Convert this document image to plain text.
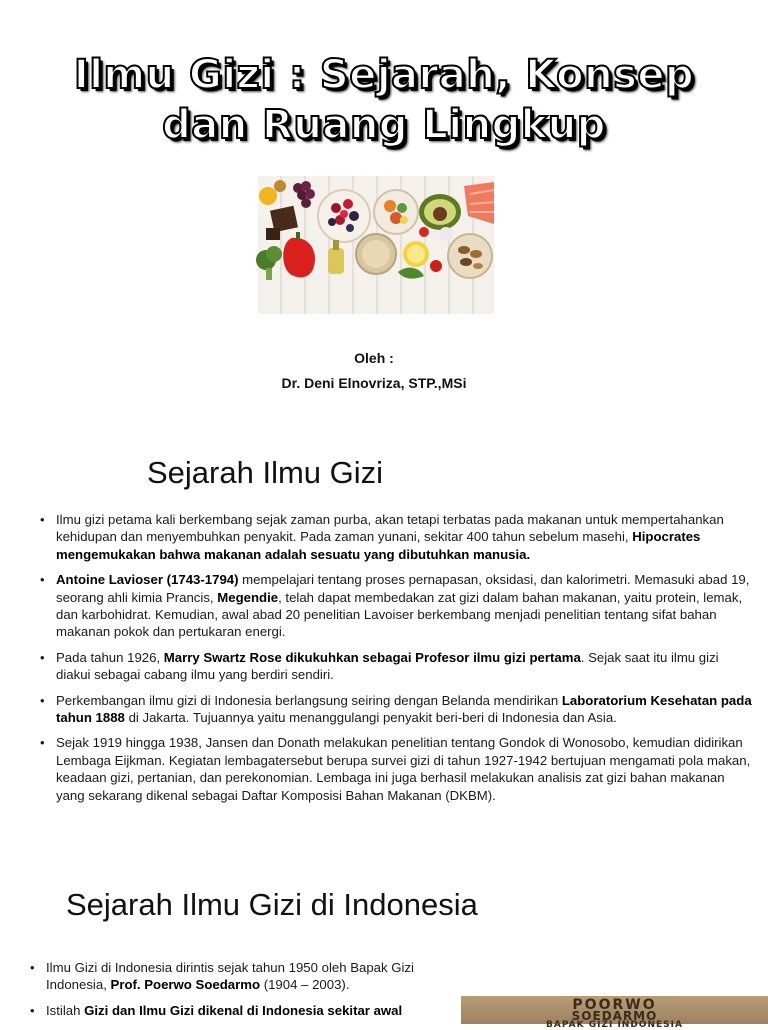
Ilmu Gizi : Sejarah, Konsep
dan Ruang Lingkup
Oleh :
Dr. Deni Elnovriza, STP.,MSi
Sejarah Ilmu Gizi
• Ilmu gizi petama kali berkembang sejak zaman purba, akan tetapi terbatas pada makanan untuk mempertahankan kehidupan dan menyembuhkan penyakit. Pada zaman yunani, sekitar 400 tahun sebelum masehi, Hipocrates mengemukakan bahwa makanan adalah sesuatu yang dibutuhkan manusia.
• Antoine Lavioser (1743-1794) mempelajari tentang proses pernapasan, oksidasi, dan kalorimetri. Memasuki abad 19, seorang ahli kimia Prancis, Megendie, telah dapat membedakan zat gizi dalam bahan makanan, yaitu protein, lemak, dan karbohidrat. Kemudian, awal abad 20 penelitian Lavoiser berkembang menjadi penelitian tentang sifat bahan makanan pokok dan pertukaran energi.
• Pada tahun 1926, Marry Swartz Rose dikukuhkan sebagai Profesor ilmu gizi pertama. Sejak saat itu ilmu gizi diakui sebagai cabang ilmu yang berdiri sendiri.
• Perkembangan ilmu gizi di Indonesia berlangsung seiring dengan Belanda mendirikan Laboratorium Kesehatan pada tahun 1888 di Jakarta. Tujuannya yaitu menanggulangi penyakit beri-beri di Indonesia dan Asia.
• Sejak 1919 hingga 1938, Jansen dan Donath melakukan penelitian tentang Gondok di Wonosobo, kemudian didirikan Lembaga Eijkman. Kegiatan lembagatersebut berupa survei gizi di tahun 1927-1942 bertujuan mengamati pola makan, keadaan gizi, pertanian, dan perekonomian. Lembaga ini juga berhasil melakukan analisis zat gizi bahan makanan yang sekarang dikenal sebagai Daftar Komposisi Bahan Makanan (DKBM).
Sejarah Ilmu Gizi di Indonesia
• Ilmu Gizi di Indonesia dirintis sejak tahun 1950 oleh Bapak Gizi Indonesia, Prof. Poerwo Soedarmo (1904 – 2003).
• Istilah Gizi dan Ilmu Gizi dikenal di Indonesia sekitar awal	POORWO
SOEDARMO
BAPAK GIZI INDONESIA
